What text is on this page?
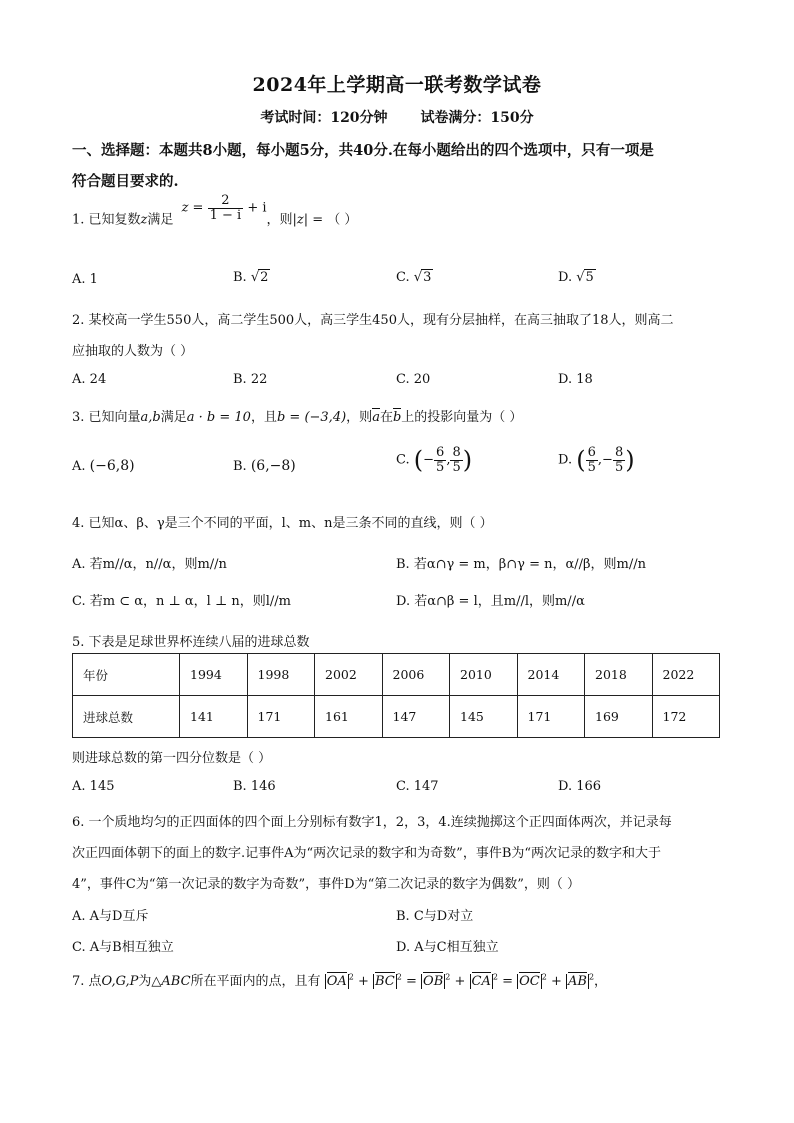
2024年上学期高一联考数学试卷
考试时间：120分钟 试卷满分：150分
一、选择题：本题共8小题，每小题5分，共40分.在每小题给出的四个选项中，只有一项是
符合题目要求的.
1. 已知复数z满足 $z = \frac{2}{1 - i} + i$，则|z| = （ ）
A. 1	B. √2	C. √3	D. √5
2. 某校高一学生550人，高二学生500人，高三学生450人，现有分层抽样，在高三抽取了18人，则高二
应抽取的人数为（ ）
A. 24	B. 22	C. 20	D. 18
3. 已知向量a,b满足a · b = 10，且b = (−3,4)，则a在b上的投影向量为（ ）
A. (−6,8)	B. (6,−8)	C. (− $\frac{6}{5}$ , $\frac{8}{5}$ )	D. ( $\frac{6}{5}$ ,− $\frac{8}{5}$ )
4. 已知α、β、γ是三个不同的平面，l、m、n是三条不同的直线，则（ ）
A. 若m//α，n//α，则m//n	B. 若α∩γ = m，β∩γ = n，α//β，则m//n
C. 若m ⊂ α，n ⊥ α，l ⊥ n，则l//m	D. 若α∩β = l，且m//l，则m//α
5. 下表是足球世界杯连续八届的进球总数
年份	1994	1998	2002	2006	2010	2014	2018	2022
进球总数	141	171	161	147	145	171	169	172
则进球总数的第一四分位数是（ ）
A. 145	B. 146	C. 147	D. 166
6. 一个质地均匀的正四面体的四个面上分别标有数字1，2，3，4.连续抛掷这个正四面体两次，并记录每
次正四面体朝下的面上的数字.记事件A为“两次记录的数字和为奇数”，事件B为“两次记录的数字和大于
4”，事件C为“第一次记录的数字为奇数”，事件D为“第二次记录的数字为偶数”，则（ ）
A. A与D互斥	B. C与D对立
C. A与B相互独立	D. A与C相互独立
7. 点O,G,P为△ABC所在平面内的点，且有 OA $^2$ + BC $^2$ = OB $^2$ + CA $^2$ = OC $^2$ + AB $^2$，
